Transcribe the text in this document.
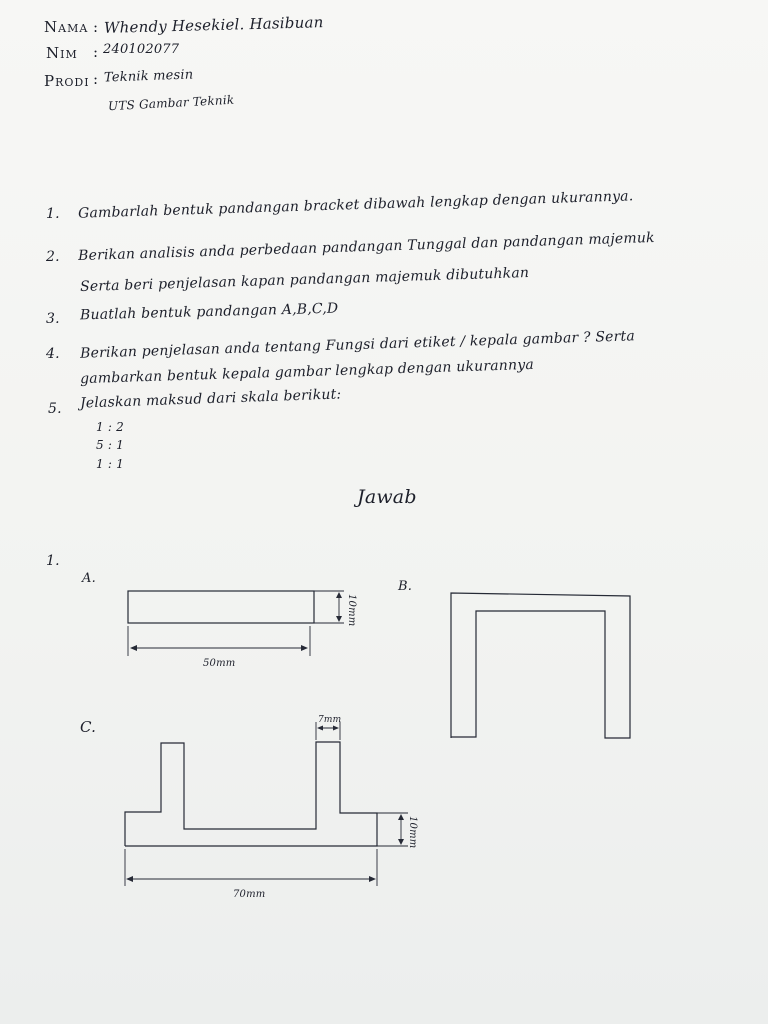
Nama : Whendy Hesekiel. Hasibuan
Nim : 240102077
Prodi : Teknik mesin
UTS Gambar Teknik
1. Gambarlah bentuk pandangan bracket dibawah lengkap dengan ukurannya.
2. Berikan analisis anda perbedaan pandangan Tunggal dan pandangan majemuk
Serta beri penjelasan kapan pandangan majemuk dibutuhkan
3. Buatlah bentuk pandangan A,B,C,D
4. Berikan penjelasan anda tentang Fungsi dari etiket / kepala gambar ? Serta
gambarkan bentuk kepala gambar lengkap dengan ukurannya
5. Jelaskan maksud dari skala berikut:
1 : 2
5 : 1
1 : 1
Jawab
1.
A.
B.
C.
10mm
50mm
7mm
10mm
70mm
